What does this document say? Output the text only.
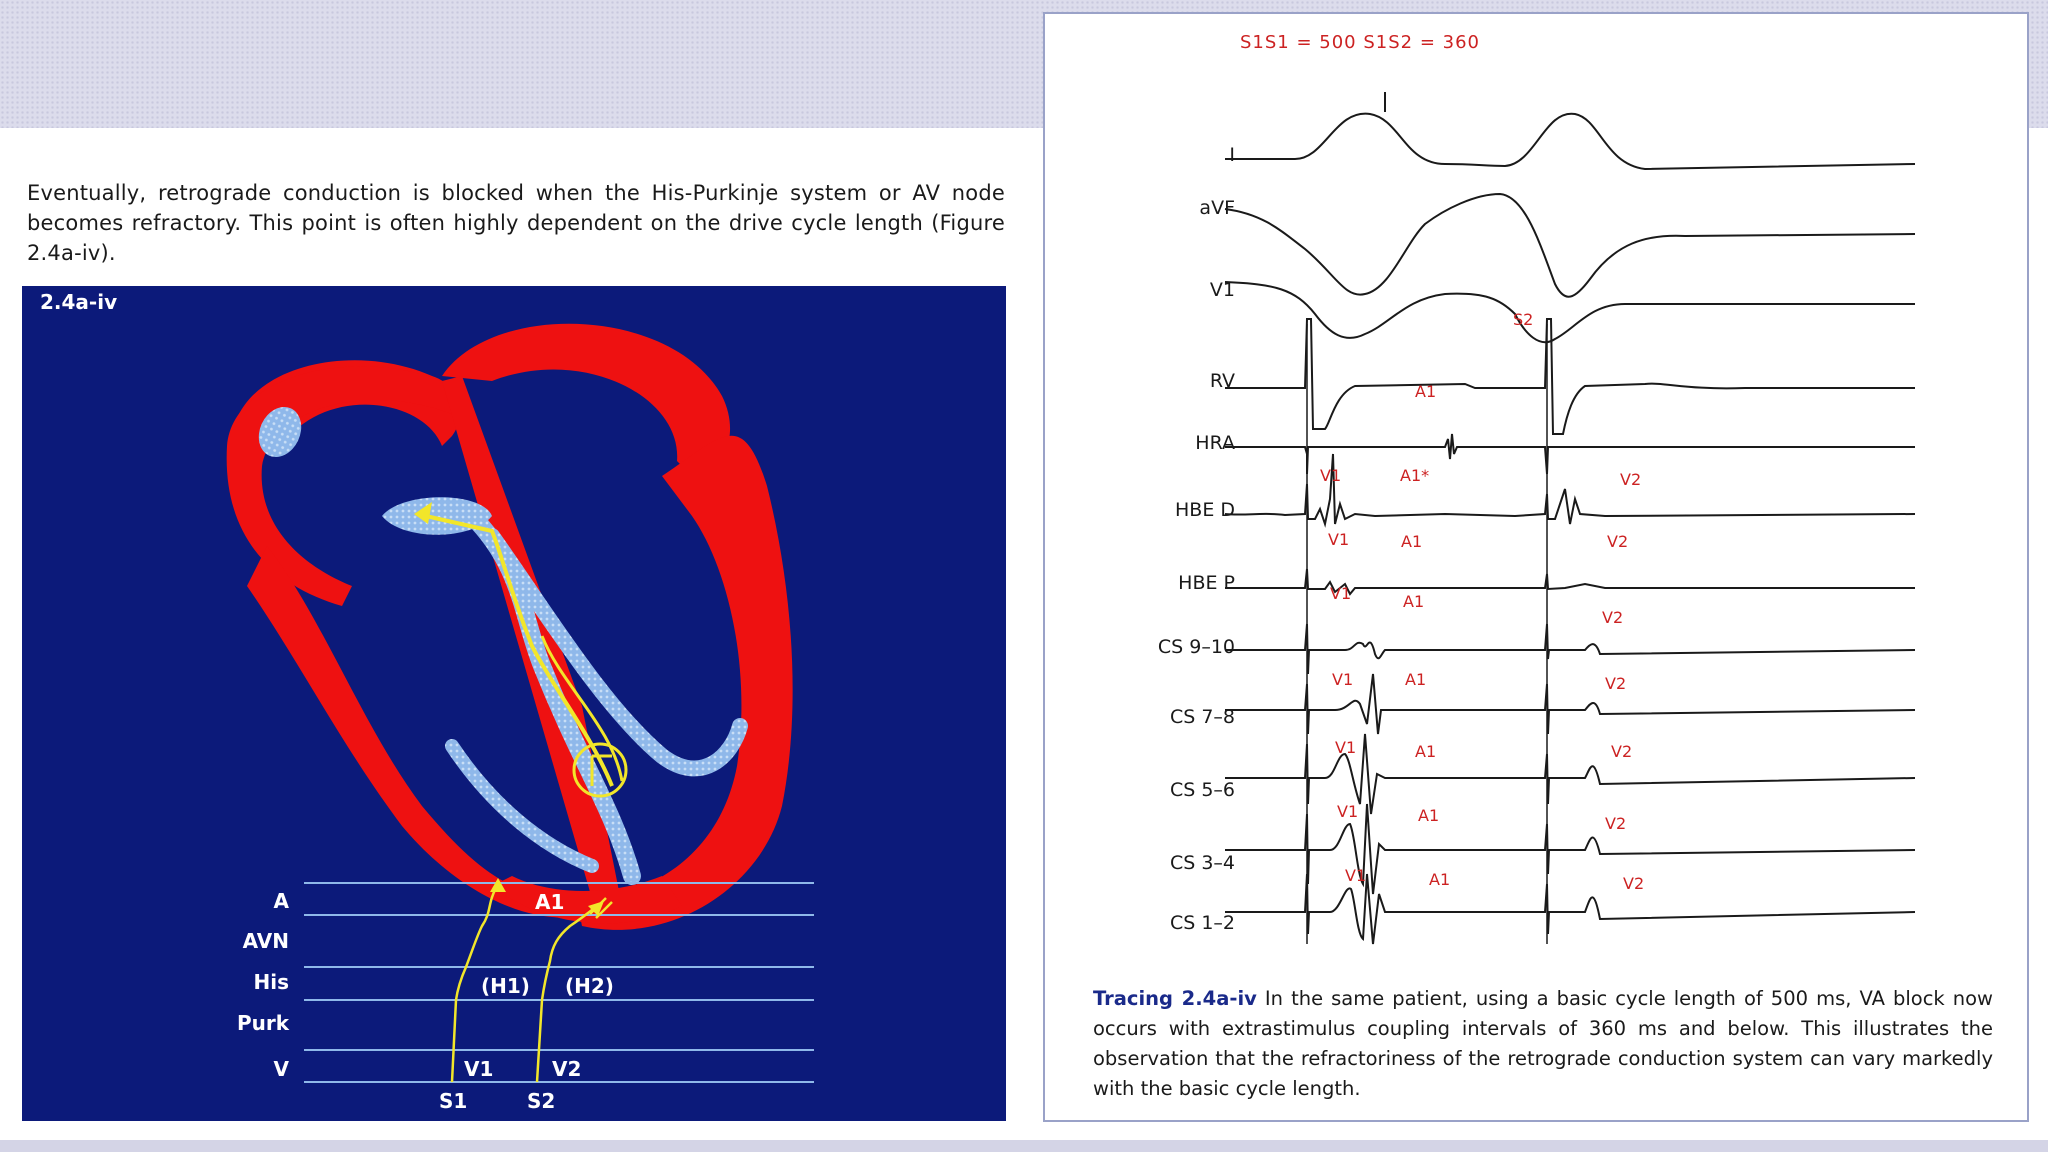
Eventually, retrograde conduction is blocked when the His-Purkinje system or AV node becomes refractory. This point is often highly dependent on the drive cycle length (Figure 2.4a-iv).
2.4a-iv
A
AVN
His
Purk
V
A1
(H1) (H2)
V1	V2
S1	S2
S1S1 = 500 S1S2 = 360
I
aVF
V1
RV
HRA
HBE D
HBE P
CS 9–10
CS 7–8
CS 5–6
CS 3–4
CS 1–2
S2
A1
V1	A1*	V2
V1	A1	V2
V1	A1
V2
V1	A1	V2
V1	A1	V2
V1	A1	V2
V1	A1	V2
Tracing 2.4a-iv In the same patient, using a basic cycle length of 500 ms, VA block now occurs with extrastimulus coupling intervals of 360 ms and below. This illustrates the observation that the refractoriness of the retrograde conduction system can vary markedly with the basic cycle length.
